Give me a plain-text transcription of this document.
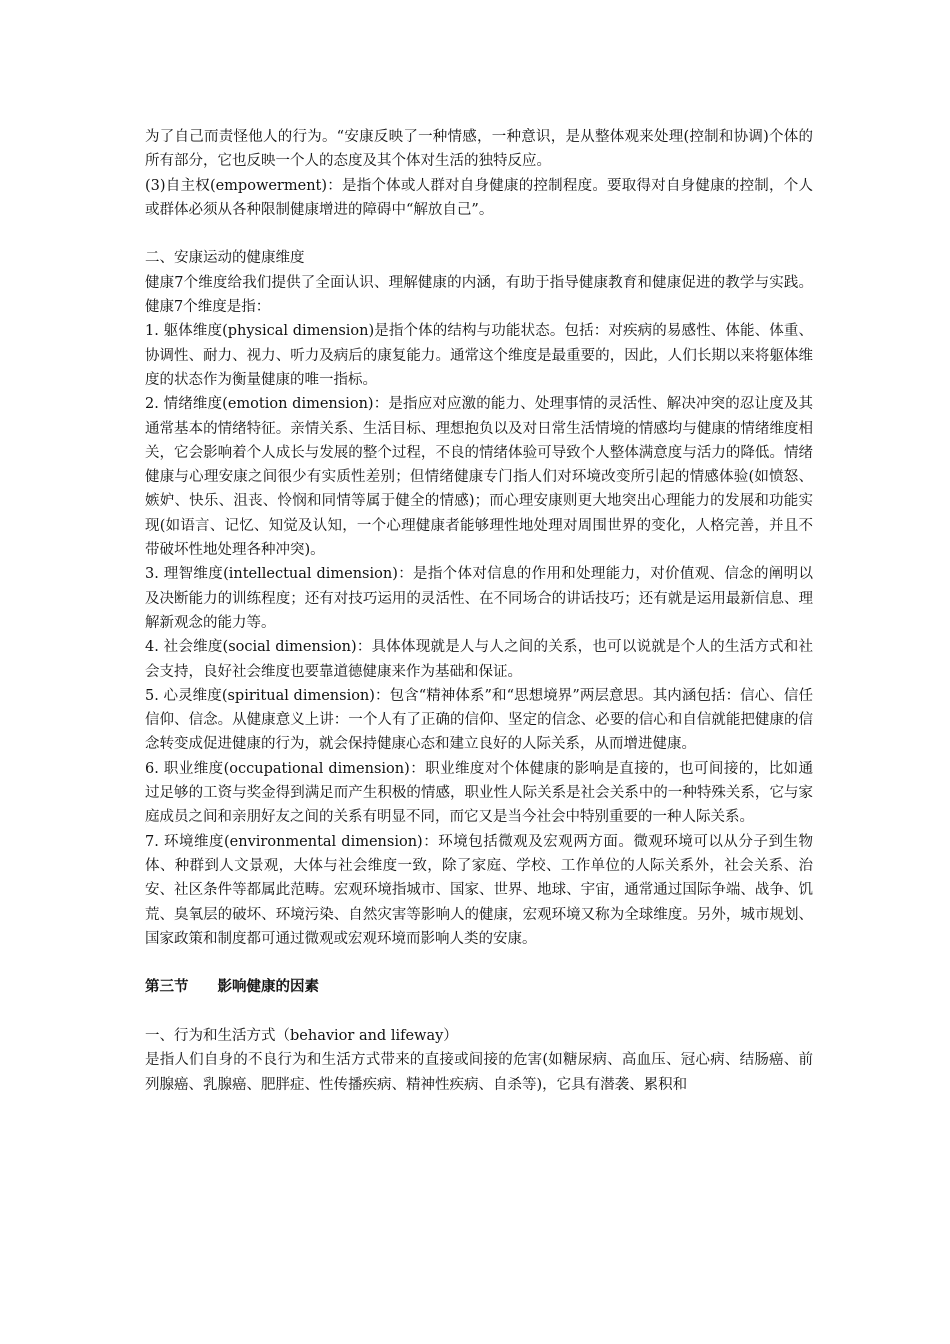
为了自己而责怪他人的行为。“安康反映了一种情感，一种意识，是从整体观来处理(控制和协调)个体的所有部分，它也反映一个人的态度及其个体对生活的独特反应。

(3)自主权(empowerment)：是指个体或人群对自身健康的控制程度。要取得对自身健康的控制，个人或群体必须从各种限制健康增进的障碍中“解放自己”。

二、安康运动的健康维度

健康7个维度给我们提供了全面认识、理解健康的内涵，有助于指导健康教育和健康促进的教学与实践。健康7个维度是指：

1. 躯体维度(physical dimension)是指个体的结构与功能状态。包括：对疾病的易感性、体能、体重、协调性、耐力、视力、听力及病后的康复能力。通常这个维度是最重要的，因此，人们长期以来将躯体维度的状态作为衡量健康的唯一指标。

2. 情绪维度(emotion dimension)：是指应对应激的能力、处理事情的灵活性、解决冲突的忍让度及其通常基本的情绪特征。亲情关系、生活目标、理想抱负以及对日常生活情境的情感均与健康的情绪维度相关，它会影响着个人成长与发展的整个过程，不良的情绪体验可导致个人整体满意度与活力的降低。情绪健康与心理安康之间很少有实质性差别；但情绪健康专门指人们对环境改变所引起的情感体验(如愤怒、嫉妒、快乐、沮丧、怜悯和同情等属于健全的情感)；而心理安康则更大地突出心理能力的发展和功能实现(如语言、记忆、知觉及认知，一个心理健康者能够理性地处理对周围世界的变化，人格完善，并且不带破坏性地处理各种冲突)。

3. 理智维度(intellectual dimension)：是指个体对信息的作用和处理能力，对价值观、信念的阐明以及决断能力的训练程度；还有对技巧运用的灵活性、在不同场合的讲话技巧；还有就是运用最新信息、理解新观念的能力等。

4. 社会维度(social dimension)：具体体现就是人与人之间的关系，也可以说就是个人的生活方式和社会支持，良好社会维度也要靠道德健康来作为基础和保证。

5. 心灵维度(spiritual dimension)：包含“精神体系”和“思想境界”两层意思。其内涵包括：信心、信任信仰、信念。从健康意义上讲：一个人有了正确的信仰、坚定的信念、必要的信心和自信就能把健康的信念转变成促进健康的行为，就会保持健康心态和建立良好的人际关系，从而增进健康。

6. 职业维度(occupational dimension)：职业维度对个体健康的影响是直接的，也可间接的，比如通过足够的工资与奖金得到满足而产生积极的情感，职业性人际关系是社会关系中的一种特殊关系，它与家庭成员之间和亲朋好友之间的关系有明显不同，而它又是当今社会中特别重要的一种人际关系。

7. 环境维度(environmental dimension)：环境包括微观及宏观两方面。微观环境可以从分子到生物体、种群到人文景观，大体与社会维度一致，除了家庭、学校、工作单位的人际关系外，社会关系、治安、社区条件等都属此范畴。宏观环境指城市、国家、世界、地球、宇宙，通常通过国际争端、战争、饥荒、臭氧层的破坏、环境污染、自然灾害等影响人的健康，宏观环境又称为全球维度。另外，城市规划、国家政策和制度都可通过微观或宏观环境而影响人类的安康。

第三节　　影响健康的因素

一、行为和生活方式（behavior and lifeway）

是指人们自身的不良行为和生活方式带来的直接或间接的危害(如糖尿病、高血压、冠心病、结肠癌、前列腺癌、乳腺癌、肥胖症、性传播疾病、精神性疾病、自杀等)，它具有潜袭、累积和
